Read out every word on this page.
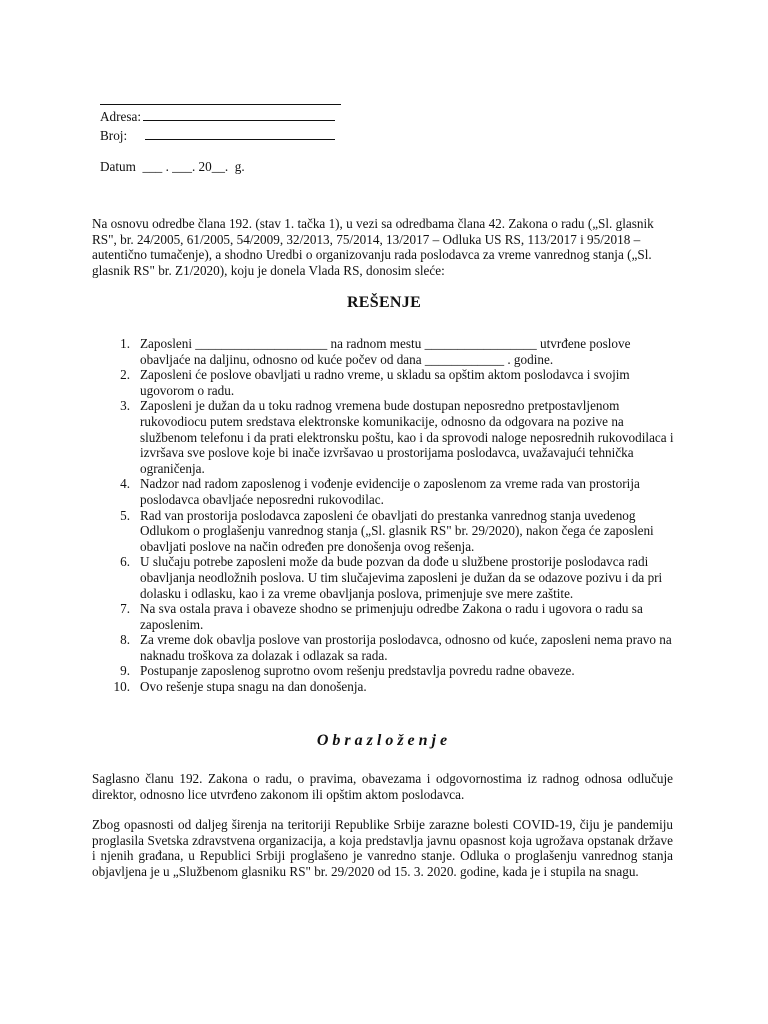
Adresa:
Broj:
Datum  ___ . ___. 20__.  g.
Na osnovu odredbe člana 192. (stav 1. tačka 1), u vezi sa odredbama člana 42. Zakona o radu („Sl. glasnik RS", br. 24/2005, 61/2005, 54/2009, 32/2013, 75/2014, 13/2017 – Odluka US RS, 113/2017 i 95/2018 – autentično tumačenje), a shodno Uredbi o organizovanju rada poslodavca za vreme vanrednog stanja („Sl. glasnik RS" br. Z1/2020), koju je donela Vlada RS, donosim sleće:
REŠENJE
1. Zaposleni ____________________ na radnom mestu _________________ utvrđene poslove obavljaće na daljinu, odnosno od kuće počev od dana ____________ . godine.
2. Zaposleni će poslove obavljati u radno vreme, u skladu sa opštim aktom poslodavca i svojim ugovorom o radu.
3. Zaposleni je dužan da u toku radnog vremena bude dostupan neposredno pretpostavljenom rukovodiocu putem sredstava elektronske komunikacije, odnosno da odgovara na pozive na službenom telefonu i da prati elektronsku poštu, kao i da sprovodi naloge neposrednih rukovodilaca i izvršava sve poslove koje bi inače izvršavao u prostorijama poslodavca, uvažavajući tehnička ograničenja.
4. Nadzor nad radom zaposlenog i vođenje evidencije o zaposlenom za vreme rada van prostorija poslodavca obavljaće neposredni rukovodilac.
5. Rad van prostorija poslodavca zaposleni će obavljati do prestanka vanrednog stanja uvedenog Odlukom o proglašenju vanrednog stanja („Sl. glasnik RS" br. 29/2020), nakon čega će zaposleni obavljati poslove na način određen pre donošenja ovog rešenja.
6. U slučaju potrebe zaposleni može da bude pozvan da dođe u službene prostorije poslodavca radi obavljanja neodložnih poslova. U tim slučajevima zaposleni je dužan da se odazove pozivu i da pri dolasku i odlasku, kao i za vreme obavljanja poslova, primenjuje sve mere zaštite.
7. Na sva ostala prava i obaveze shodno se primenjuju odredbe Zakona o radu i ugovora o radu sa zaposlenim.
8. Za vreme dok obavlja poslove van prostorija poslodavca, odnosno od kuće, zaposleni nema pravo na naknadu troškova za dolazak i odlazak sa rada.
9. Postupanje zaposlenog suprotno ovom rešenju predstavlja povredu radne obaveze.
10. Ovo rešenje stupa snagu na dan donošenja.
Obrazloženje
Saglasno članu 192. Zakona o radu, o pravima, obavezama i odgovornostima iz radnog odnosa odlučuje direktor, odnosno lice utvrđeno zakonom ili opštim aktom poslodavca.
Zbog opasnosti od daljeg širenja na teritoriji Republike Srbije zarazne bolesti COVID-19, čiju je pandemiju proglasila Svetska zdravstvena organizacija, a koja predstavlja javnu opasnost koja ugrožava opstanak države i njenih građana, u Republici Srbiji proglašeno je vanredno stanje. Odluka o proglašenju vanrednog stanja objavljena je u „Službenom glasniku RS" br. 29/2020 od 15. 3. 2020. godine, kada je i stupila na snagu.
